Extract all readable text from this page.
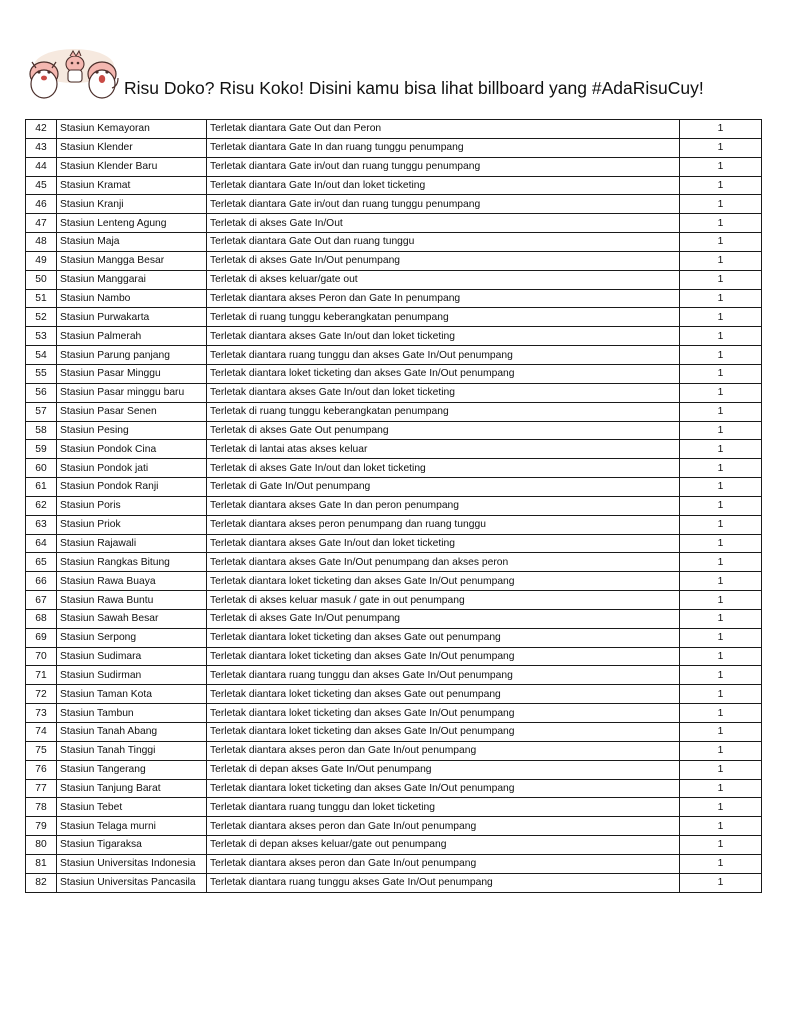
Risu Doko? Risu Koko! Disini kamu bisa lihat billboard yang #AdaRisuCuy!
42	Stasiun Kemayoran	Terletak diantara Gate Out dan Peron	1
43	Stasiun Klender	Terletak diantara Gate In dan ruang tunggu penumpang	1
44	Stasiun Klender Baru	Terletak diantara Gate in/out dan ruang tunggu penumpang	1
45	Stasiun Kramat	Terletak diantara Gate In/out dan loket ticketing	1
46	Stasiun Kranji	Terletak diantara Gate in/out dan ruang tunggu penumpang	1
47	Stasiun Lenteng Agung	Terletak di akses Gate In/Out	1
48	Stasiun Maja	Terletak diantara Gate Out dan ruang tunggu	1
49	Stasiun Mangga Besar	Terletak di akses Gate In/Out penumpang	1
50	Stasiun Manggarai	Terletak di akses keluar/gate out	1
51	Stasiun Nambo	Terletak diantara akses Peron dan Gate In penumpang	1
52	Stasiun Purwakarta	Terletak di ruang tunggu keberangkatan penumpang	1
53	Stasiun Palmerah	Terletak diantara akses Gate In/out dan loket ticketing	1
54	Stasiun Parung panjang	Terletak diantara ruang tunggu dan akses Gate In/Out penumpang	1
55	Stasiun Pasar Minggu	Terletak diantara loket ticketing dan akses Gate In/Out penumpang	1
56	Stasiun Pasar minggu baru	Terletak diantara akses Gate In/out dan loket ticketing	1
57	Stasiun Pasar Senen	Terletak di ruang tunggu keberangkatan penumpang	1
58	Stasiun Pesing	Terletak di akses Gate Out penumpang	1
59	Stasiun Pondok Cina	Terletak di lantai atas akses keluar	1
60	Stasiun Pondok jati	Terletak di akses Gate In/out dan loket ticketing	1
61	Stasiun Pondok Ranji	Terletak di Gate In/Out penumpang	1
62	Stasiun Poris	Terletak diantara akses Gate In dan peron penumpang	1
63	Stasiun Priok	Terletak diantara akses peron penumpang dan ruang tunggu	1
64	Stasiun Rajawali	Terletak diantara akses Gate In/out dan loket ticketing	1
65	Stasiun Rangkas Bitung	Terletak diantara akses Gate In/Out penumpang dan akses peron	1
66	Stasiun Rawa Buaya	Terletak diantara loket ticketing dan akses Gate In/Out penumpang	1
67	Stasiun Rawa Buntu	Terletak di akses keluar masuk / gate in out penumpang	1
68	Stasiun Sawah Besar	Terletak di akses Gate In/Out penumpang	1
69	Stasiun Serpong	Terletak diantara loket ticketing dan akses Gate out penumpang	1
70	Stasiun Sudimara	Terletak diantara loket ticketing dan akses Gate In/Out penumpang	1
71	Stasiun Sudirman	Terletak diantara ruang tunggu dan akses Gate In/Out penumpang	1
72	Stasiun Taman Kota	Terletak diantara loket ticketing dan akses Gate out penumpang	1
73	Stasiun Tambun	Terletak diantara loket ticketing dan akses Gate In/Out penumpang	1
74	Stasiun Tanah Abang	Terletak diantara loket ticketing dan akses Gate In/Out penumpang	1
75	Stasiun Tanah Tinggi	Terletak diantara akses peron dan Gate In/out penumpang	1
76	Stasiun Tangerang	Terletak di depan akses Gate In/Out penumpang	1
77	Stasiun Tanjung Barat	Terletak diantara loket ticketing dan akses Gate In/Out penumpang	1
78	Stasiun Tebet	Terletak diantara ruang tunggu dan loket ticketing	1
79	Stasiun Telaga murni	Terletak diantara akses peron dan Gate In/out penumpang	1
80	Stasiun Tigaraksa	Terletak di depan akses keluar/gate out penumpang	1
81	Stasiun Universitas Indonesia	Terletak diantara akses peron dan Gate In/out penumpang	1
82	Stasiun Universitas Pancasila	Terletak diantara ruang tunggu akses Gate In/Out penumpang	1
